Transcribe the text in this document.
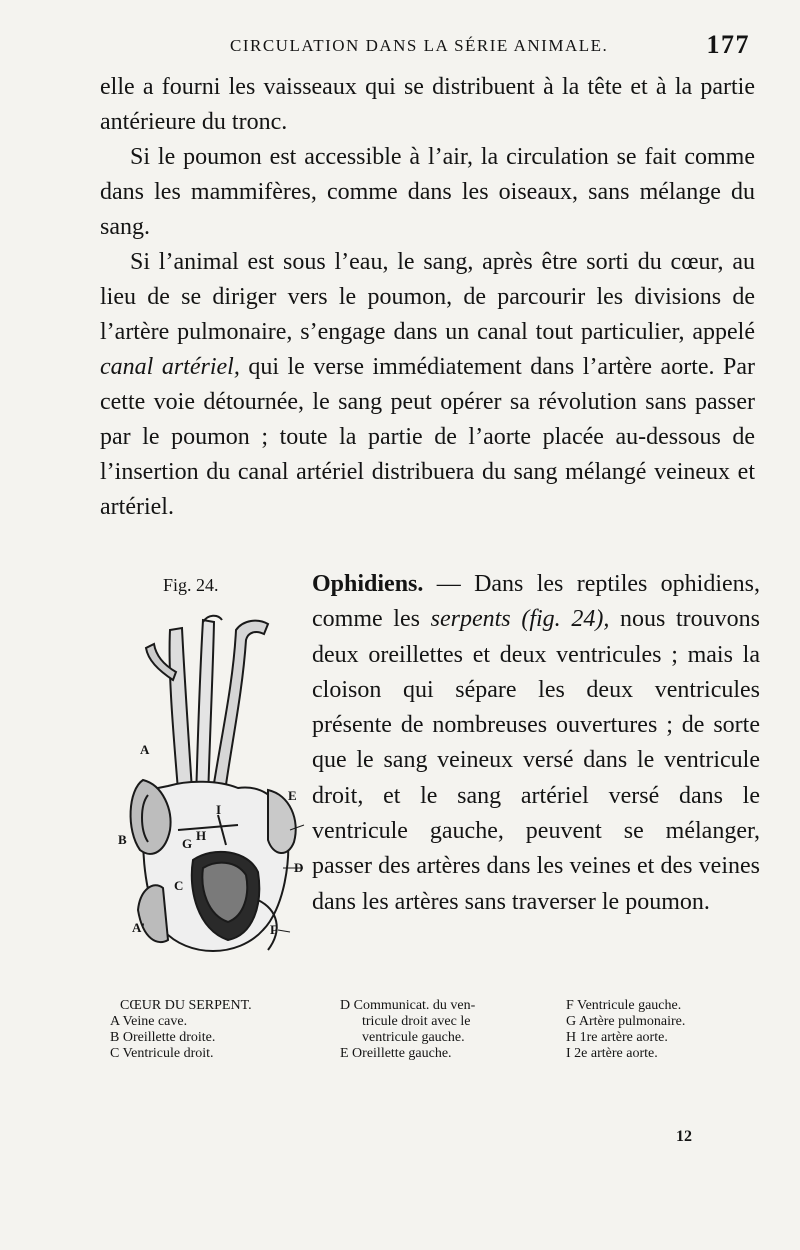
CIRCULATION DANS LA SÉRIE ANIMALE.	177

elle a fourni les vaisseaux qui se distribuent à la tête et à la partie antérieure du tronc.

Si le poumon est accessible à l’air, la circulation se fait comme dans les mammifères, comme dans les oiseaux, sans mélange du sang.

Si l’animal est sous l’eau, le sang, après être sorti du cœur, au lieu de se diriger vers le poumon, de parcourir les divisions de l’artère pulmonaire, s’engage dans un canal tout particulier, appelé canal artériel, qui le verse immédiatement dans l’artère aorte. Par cette voie détournée, le sang peut opérer sa révolution sans passer par le poumon ; toute la partie de l’aorte placée au-dessous de l’insertion du canal artériel distribuera du sang mélangé veineux et artériel.

Fig. 24.
A
A'
B
C
D
E
F
G
H
I

Ophidiens. — Dans les reptiles ophidiens, comme les serpents (fig. 24), nous trouvons deux oreillettes et deux ventricules ; mais la cloison qui sépare les deux ventricules présente de nombreuses ouvertures ; de sorte que le sang veineux versé dans le ventricule droit, et le sang artériel versé dans le ventricule gauche, peuvent se mélanger, passer des artères dans les veines et des veines dans les artères sans traverser le poumon.

CŒUR DU SERPENT.
A Veine cave.
B Oreillette droite.
C Ventricule droit.
D Communicat. du ven-
tricule droit avec le
ventricule gauche.
E Oreillette gauche.
F Ventricule gauche.
G Artère pulmonaire.
H 1re artère aorte.
I 2e artère aorte.
12
